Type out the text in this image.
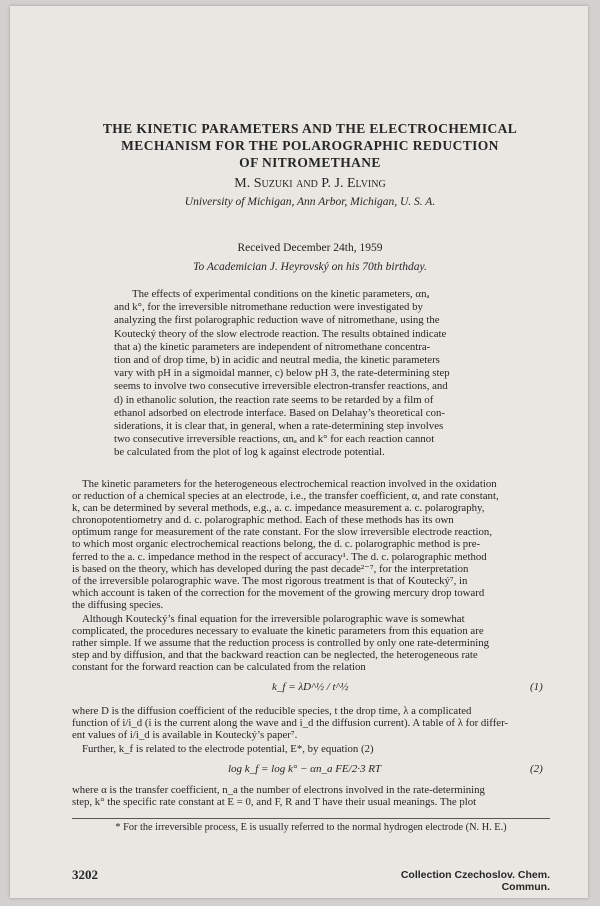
THE KINETIC PARAMETERS AND THE ELECTROCHEMICAL
MECHANISM FOR THE POLAROGRAPHIC REDUCTION
OF NITROMETHANE
M. Suzuki and P. J. Elving
University of Michigan, Ann Arbor, Michigan, U. S. A.
Received December 24th, 1959
To Academician J. Heyrovský on his 70th birthday.
The effects of experimental conditions on the kinetic parameters, αnₐ
and k°, for the irreversible nitromethane reduction were investigated by
analyzing the first polarographic reduction wave of nitromethane, using the
Koutecký theory of the slow electrode reaction. The results obtained indicate
that a) the kinetic parameters are independent of nitromethane concentra-
tion and of drop time, b) in acidic and neutral media, the kinetic parameters
vary with pH in a sigmoidal manner, c) below pH 3, the rate-determining step
seems to involve two consecutive irreversible electron-transfer reactions, and
d) in ethanolic solution, the reaction rate seems to be retarded by a film of
ethanol adsorbed on electrode interface. Based on Delahay’s theoretical con-
siderations, it is clear that, in general, when a rate-determining step involves
two consecutive irreversible reactions, αnₐ and k° for each reaction cannot
be calculated from the plot of log k against electrode potential.
The kinetic parameters for the heterogeneous electrochemical reaction involved in the oxidation
or reduction of a chemical species at an electrode, i.e., the transfer coefficient, α, and rate constant,
k, can be determined by several methods, e.g., a. c. impedance measurement a. c. polarography,
chronopotentiometry and d. c. polarographic method. Each of these methods has its own
optimum range for measurement of the rate constant. For the slow irreversible electrode reaction,
to which most organic electrochemical reactions belong, the d. c. polarographic method is pre-
ferred to the a. c. impedance method in the respect of accuracy¹. The d. c. polarographic method
is based on the theory, which has developed during the past decade²⁻⁷, for the interpretation
of the irreversible polarographic wave. The most rigorous treatment is that of Koutecký⁷, in
which account is taken of the correction for the movement of the growing mercury drop toward
the diffusing species.
Although Koutecký’s final equation for the irreversible polarographic wave is somewhat
complicated, the procedures necessary to evaluate the kinetic parameters from this equation are
rather simple. If we assume that the reduction process is controlled by only one rate-determining
step and by diffusion, and that the backward reaction can be neglected, the heterogeneous rate
constant for the forward reaction can be calculated from the relation
k_f = λD^½ / t^½	(1)
where D is the diffusion coefficient of the reducible species, t the drop time, λ a complicated
function of i/i_d (i is the current along the wave and i_d the diffusion current). A table of λ for differ-
ent values of i/i_d is available in Koutecký’s paper⁷.
Further, k_f is related to the electrode potential, E*, by equation (2)
log k_f = log k° − αn_a FE/2·3 RT	(2)
where α is the transfer coefficient, n_a the number of electrons involved in the rate-determining
step, k° the specific rate constant at E = 0, and F, R and T have their usual meanings. The plot
* For the irreversible process, E is usually referred to the normal hydrogen electrode (N. H. E.)
3202	Collection Czechoslov. Chem. Commun.
